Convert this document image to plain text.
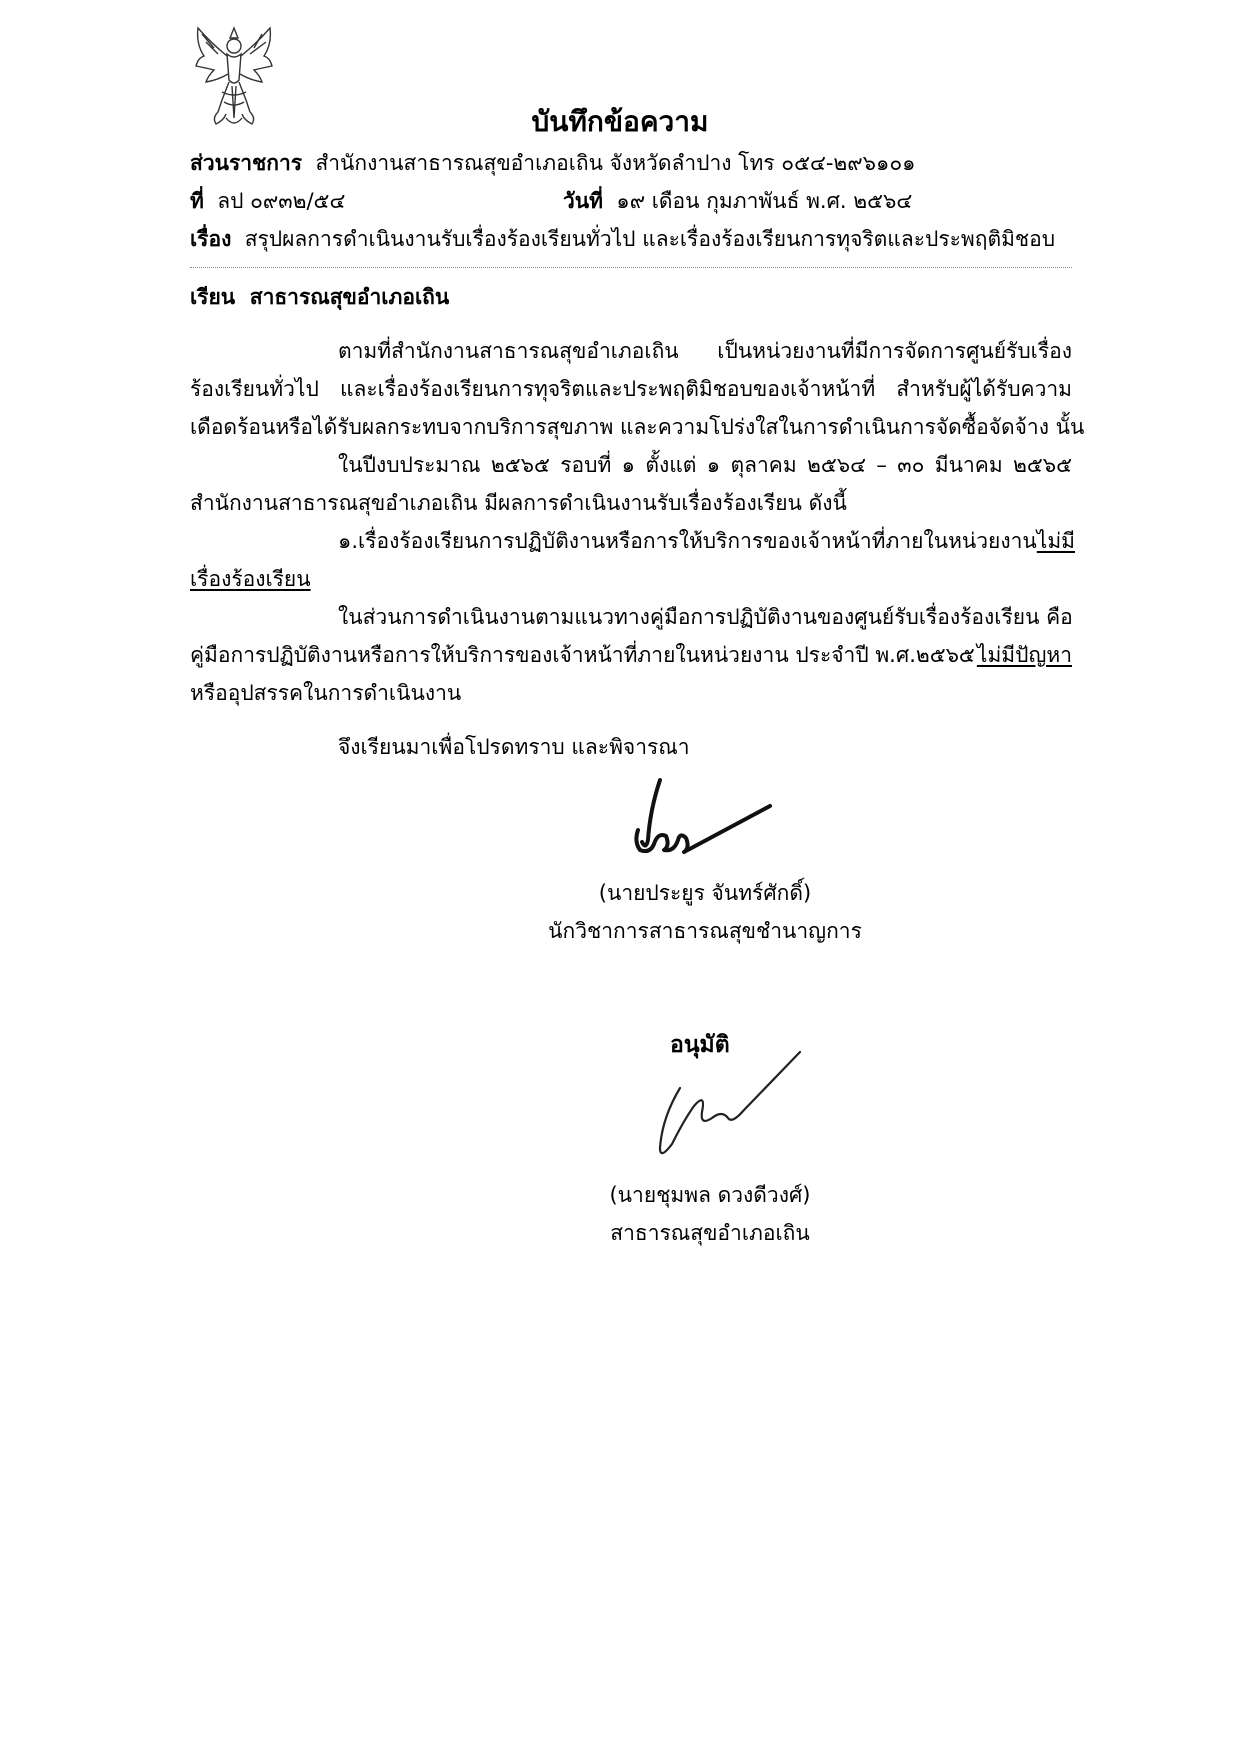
บันทึกข้อความ
ส่วนราชการ สำนักงานสาธารณสุขอำเภอเถิน จังหวัดลำปาง โทร ๐๕๔-๒๙๖๑๐๑
ที่ ลป ๐๙๓๒/๕๔	วันที่ ๑๙ เดือน กุมภาพันธ์ พ.ศ. ๒๕๖๔
เรื่อง สรุปผลการดำเนินงานรับเรื่องร้องเรียนทั่วไป และเรื่องร้องเรียนการทุจริตและประพฤติมิชอบ
เรียน สาธารณสุขอำเภอเถิน
ตามที่สำนักงานสาธารณสุขอำเภอเถิน เป็นหน่วยงานที่มีการจัดการศูนย์รับเรื่อง
ร้องเรียนทั่วไป และเรื่องร้องเรียนการทุจริตและประพฤติมิชอบของเจ้าหน้าที่ สำหรับผู้ได้รับความ
เดือดร้อนหรือได้รับผลกระทบจากบริการสุขภาพ และความโปร่งใสในการดำเนินการจัดซื้อจัดจ้าง นั้น
ในปีงบประมาณ ๒๕๖๕ รอบที่ ๑ ตั้งแต่ ๑ ตุลาคม ๒๕๖๔ – ๓๐ มีนาคม ๒๕๖๕
สำนักงานสาธารณสุขอำเภอเถิน มีผลการดำเนินงานรับเรื่องร้องเรียน ดังนี้
๑.เรื่องร้องเรียนการปฏิบัติงานหรือการให้บริการของเจ้าหน้าที่ภายในหน่วยงาน ไม่มี
เรื่องร้องเรียน
ในส่วนการดำเนินงานตามแนวทางคู่มือการปฏิบัติงานของศูนย์รับเรื่องร้องเรียน คือ
คู่มือการปฏิบัติงานหรือการให้บริการของเจ้าหน้าที่ภายในหน่วยงาน ประจำปี พ.ศ.๒๕๖๕ ไม่มีปัญหา
หรืออุปสรรคในการดำเนินงาน
จึงเรียนมาเพื่อโปรดทราบ และพิจารณา
(นายประยูร จันทร์ศักดิ์)
นักวิชาการสาธารณสุขชำนาญการ
อนุมัติ
(นายชุมพล ดวงดีวงศ์)
สาธารณสุขอำเภอเถิน
